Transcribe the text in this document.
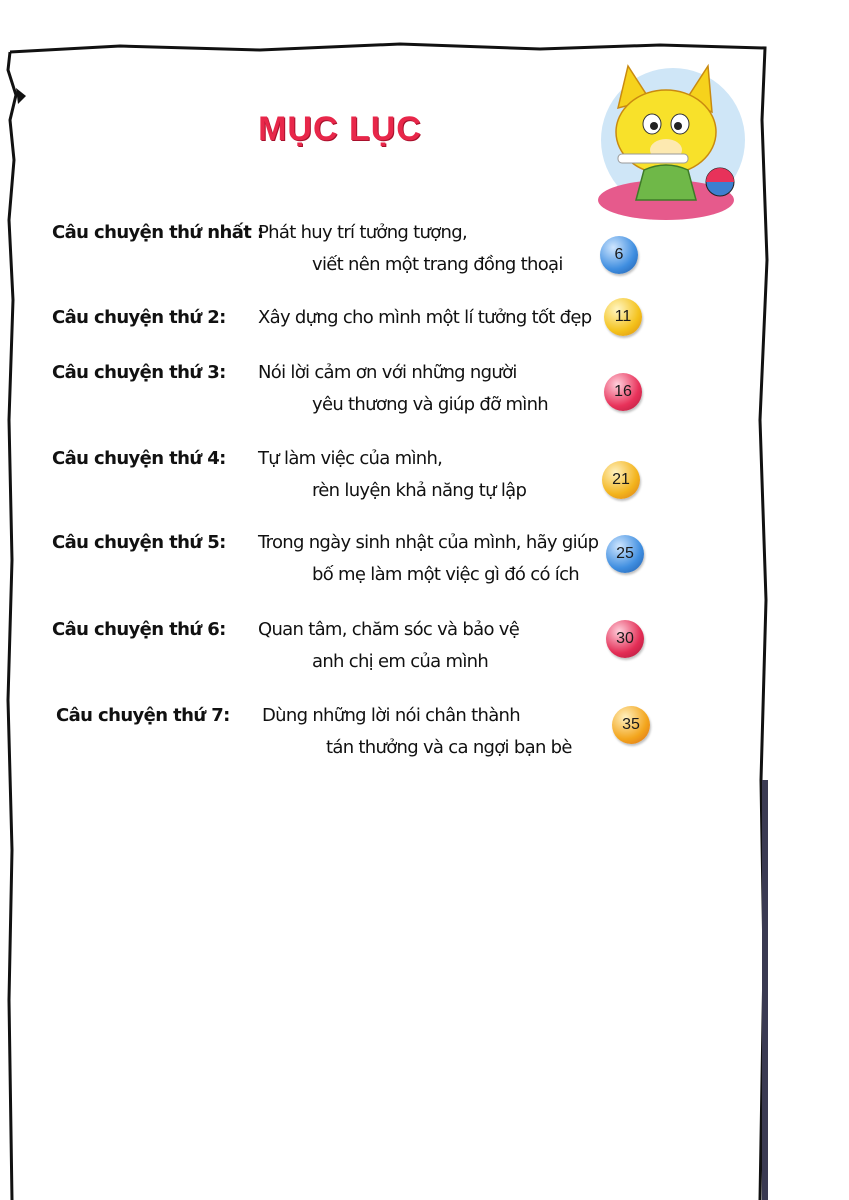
MỤC LỤC
Câu chuyện thứ nhất :
Phát huy trí tưởng tượng,
viết nên một trang đồng thoại	6
Câu chuyện thứ 2: Xây dựng cho mình một lí tưởng tốt đẹp	11
Câu chuyện thứ 3: Nói lời cảm ơn với những người
yêu thương và giúp đỡ mình
16
Câu chuyện thứ 4: Tự làm việc của mình,
rèn luyện khả năng tự lập
21
Câu chuyện thứ 5: Trong ngày sinh nhật của mình, hãy giúp
bố mẹ làm một việc gì đó có ích
25
Câu chuyện thứ 6: Quan tâm, chăm sóc và bảo vệ
anh chị em của mình
30
Câu chuyện thứ 7: Dùng những lời nói chân thành
tán thưởng và ca ngợi bạn bè
35
